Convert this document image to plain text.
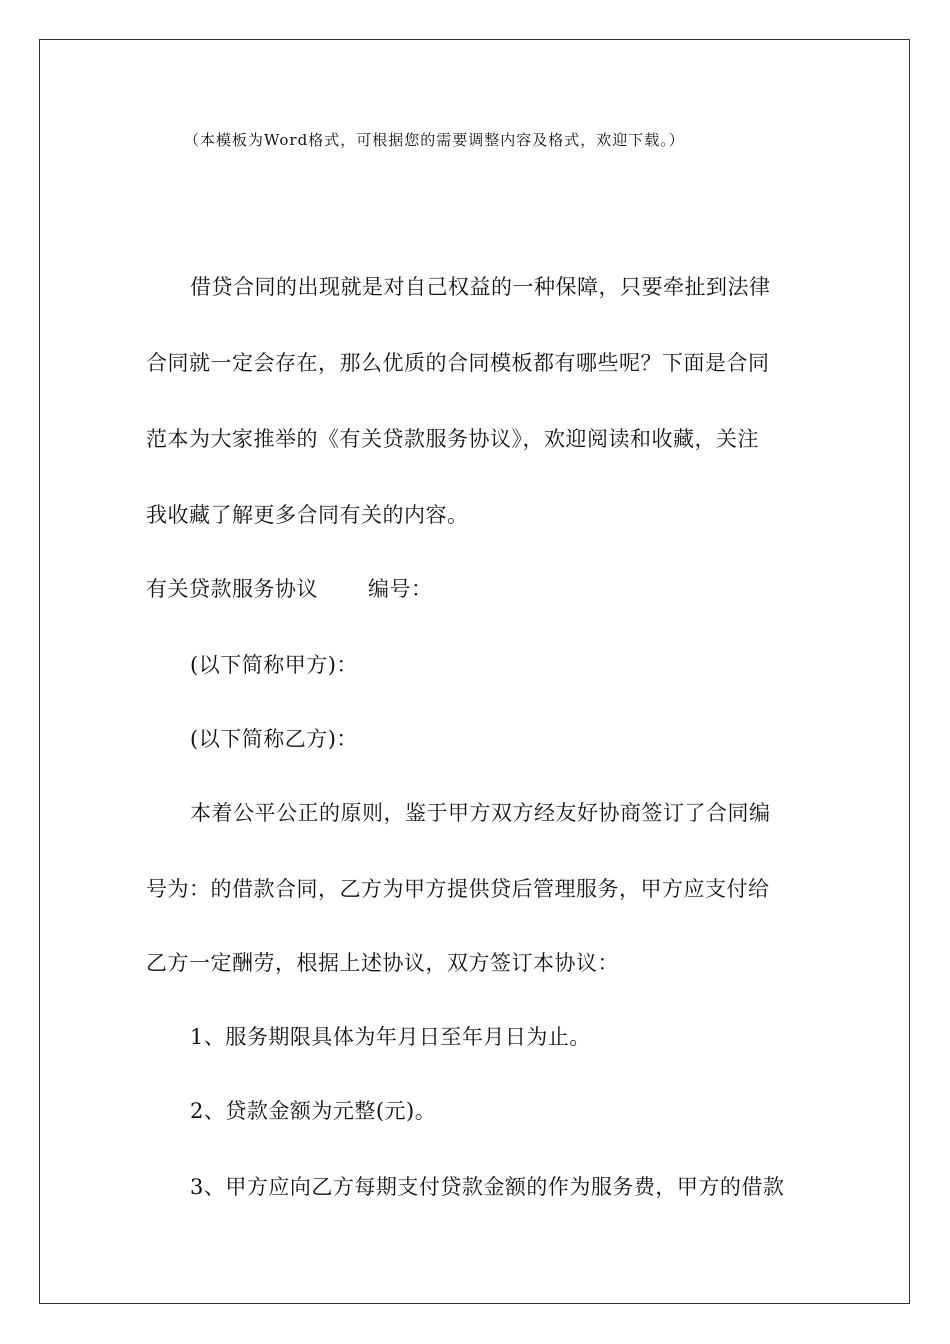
（本模板为Word格式，可根据您的需要调整内容及格式，欢迎下载。）
借贷合同的出现就是对自己权益的一种保障，只要牵扯到法律
合同就一定会存在，那么优质的合同模板都有哪些呢？下面是合同
范本为大家推举的《有关贷款服务协议》，欢迎阅读和收藏，关注
我收藏了解更多合同有关的内容。
有关贷款服务协议 编号：
(以下简称甲方)：
(以下简称乙方)：
本着公平公正的原则，鉴于甲方双方经友好协商签订了合同编
号为：的借款合同，乙方为甲方提供贷后管理服务，甲方应支付给
乙方一定酬劳，根据上述协议，双方签订本协议：
1、服务期限具体为年月日至年月日为止。
2、贷款金额为元整(元)。
3、甲方应向乙方每期支付贷款金额的作为服务费，甲方的借款
